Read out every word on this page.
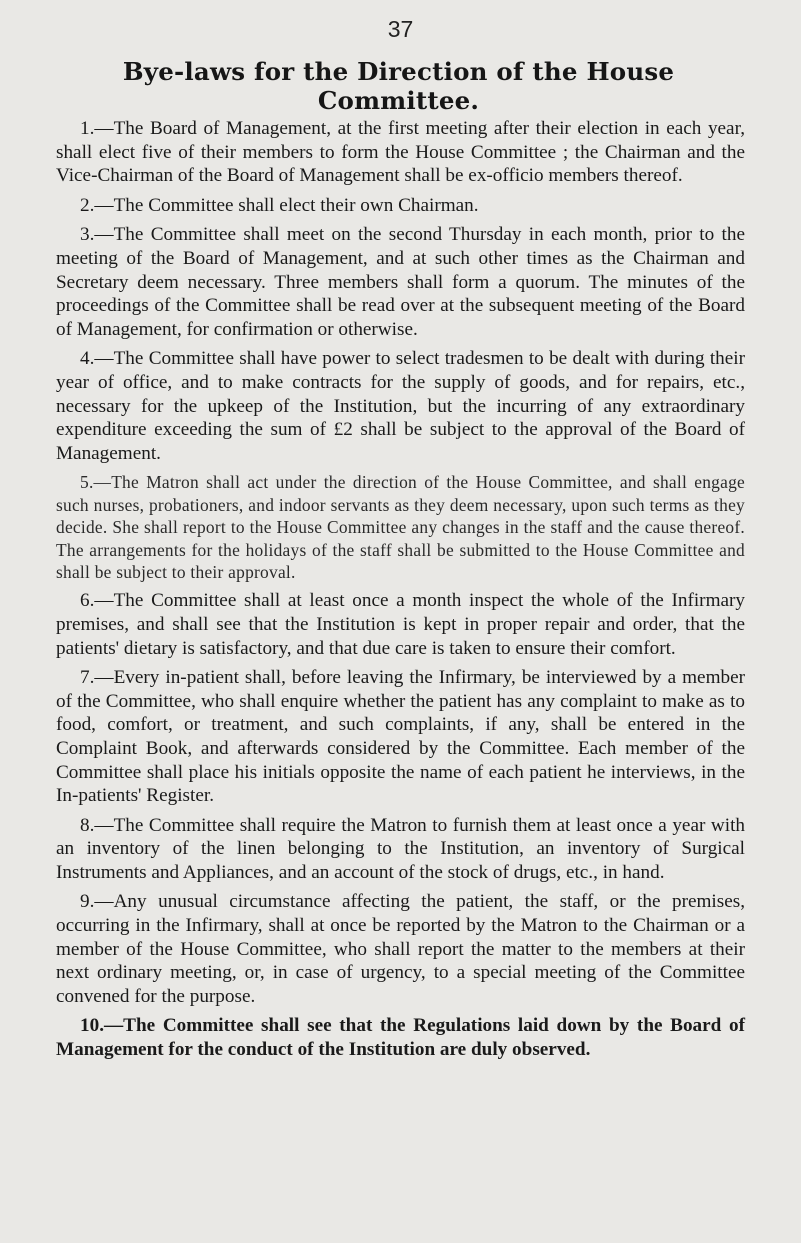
37
Bye-laws for the Direction of the House Committee.

1.—The Board of Management, at the first meeting after their election in each year, shall elect five of their members to form the House Committee ; the Chairman and the Vice-Chairman of the Board of Management shall be ex-officio members thereof.

2.—The Committee shall elect their own Chairman.

3.—The Committee shall meet on the second Thursday in each month, prior to the meeting of the Board of Management, and at such other times as the Chairman and Secretary deem necessary. Three members shall form a quorum. The minutes of the proceedings of the Committee shall be read over at the subsequent meeting of the Board of Management, for confirmation or otherwise.

4.—The Committee shall have power to select tradesmen to be dealt with during their year of office, and to make contracts for the supply of goods, and for repairs, etc., necessary for the upkeep of the Institution, but the incurring of any extraordinary expenditure exceeding the sum of £2 shall be subject to the approval of the Board of Management.

5.—The Matron shall act under the direction of the House Committee, and shall engage such nurses, probationers, and indoor servants as they deem necessary, upon such terms as they decide. She shall report to the House Committee any changes in the staff and the cause thereof. The arrangements for the holidays of the staff shall be submitted to the House Committee and shall be subject to their approval.

6.—The Committee shall at least once a month inspect the whole of the Infirmary premises, and shall see that the Institution is kept in proper repair and order, that the patients' dietary is satisfactory, and that due care is taken to ensure their comfort.

7.—Every in-patient shall, before leaving the Infirmary, be interviewed by a member of the Committee, who shall enquire whether the patient has any complaint to make as to food, comfort, or treatment, and such complaints, if any, shall be entered in the Complaint Book, and afterwards considered by the Committee. Each member of the Committee shall place his initials opposite the name of each patient he interviews, in the In-patients' Register.

8.—The Committee shall require the Matron to furnish them at least once a year with an inventory of the linen belonging to the Institution, an inventory of Surgical Instruments and Appliances, and an account of the stock of drugs, etc., in hand.

9.—Any unusual circumstance affecting the patient, the staff, or the premises, occurring in the Infirmary, shall at once be reported by the Matron to the Chairman or a member of the House Committee, who shall report the matter to the members at their next ordinary meeting, or, in case of urgency, to a special meeting of the Committee convened for the purpose.

10.—The Committee shall see that the Regulations laid down by the Board of Management for the conduct of the Institution are duly observed.
